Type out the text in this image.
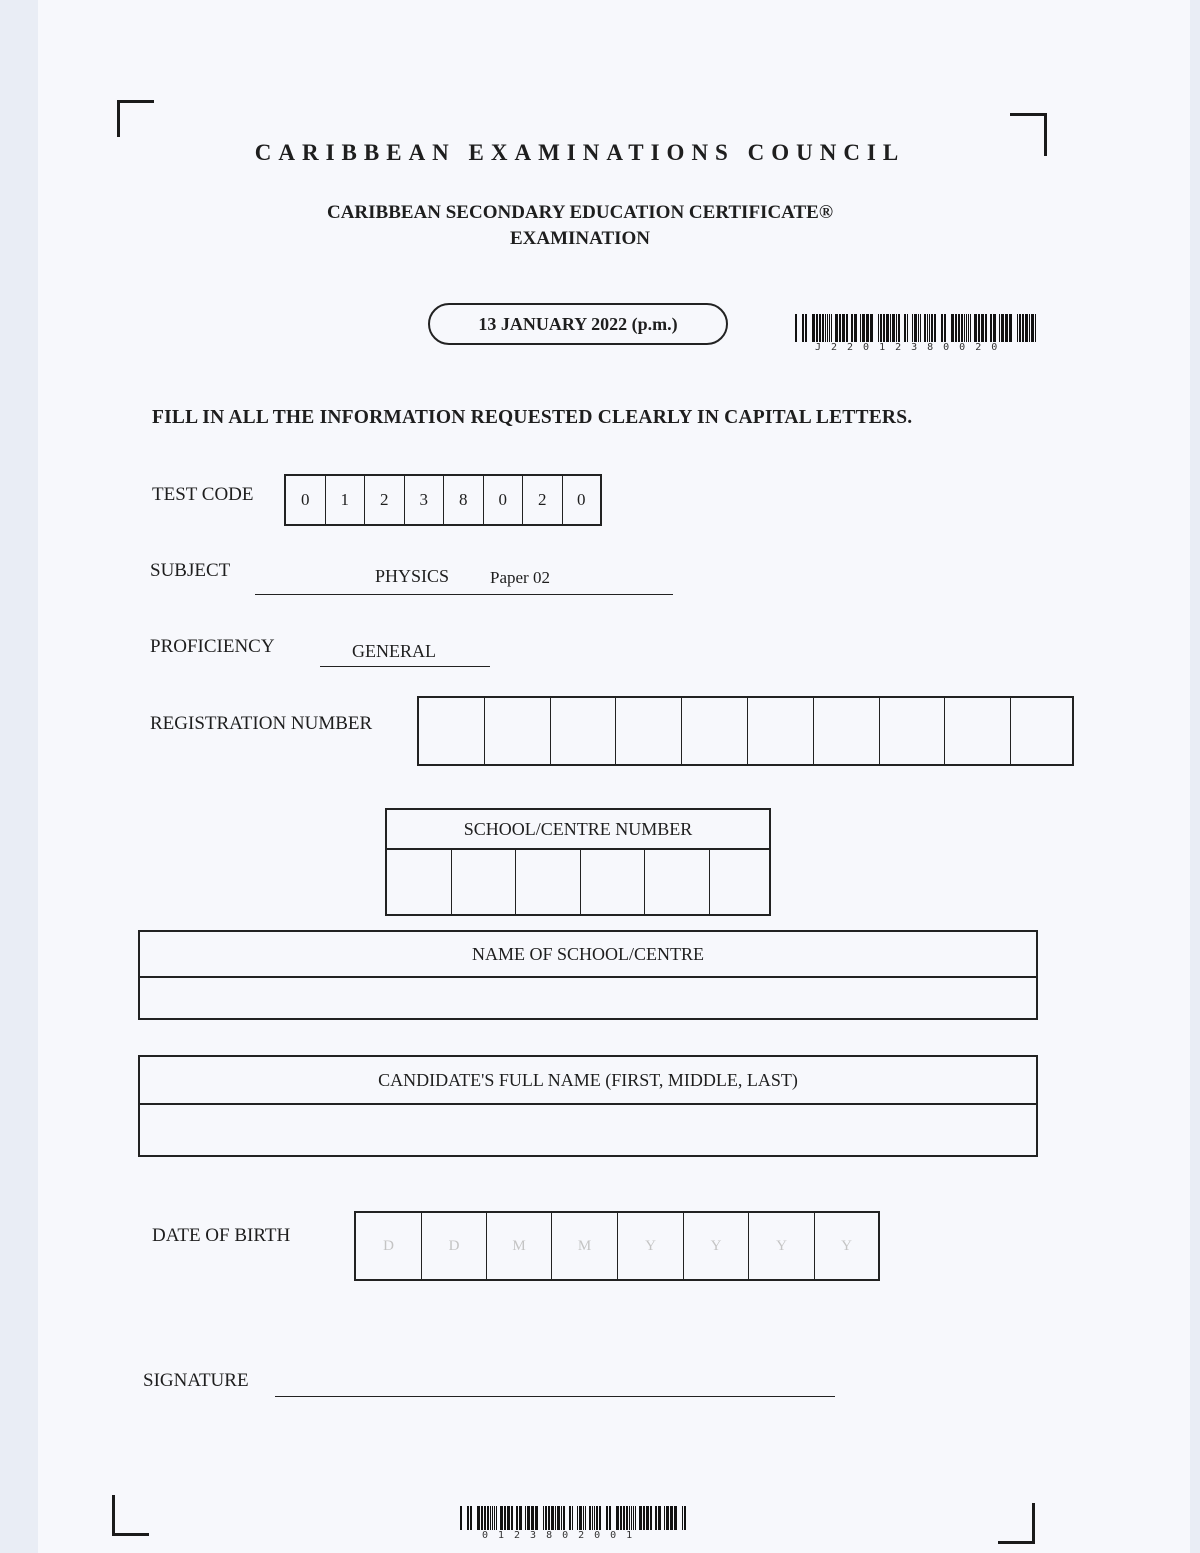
CARIBBEAN EXAMINATIONS COUNCIL
CARIBBEAN SECONDARY EDUCATION CERTIFICATE®
EXAMINATION
13 JANUARY 2022 (p.m.)
J22012380020
FILL IN ALL THE INFORMATION REQUESTED CLEARLY IN CAPITAL LETTERS.
TEST CODE	0	1	2	3	8	0	2	0
SUBJECT	PHYSICS Paper 02
PROFICIENCY	GENERAL
REGISTRATION NUMBER
SCHOOL/CENTRE NUMBER
NAME OF SCHOOL/CENTRE
CANDIDATE'S FULL NAME (FIRST, MIDDLE, LAST)
DATE OF BIRTH	D	D	M	M	Y	Y	Y	Y
SIGNATURE
0123802001
